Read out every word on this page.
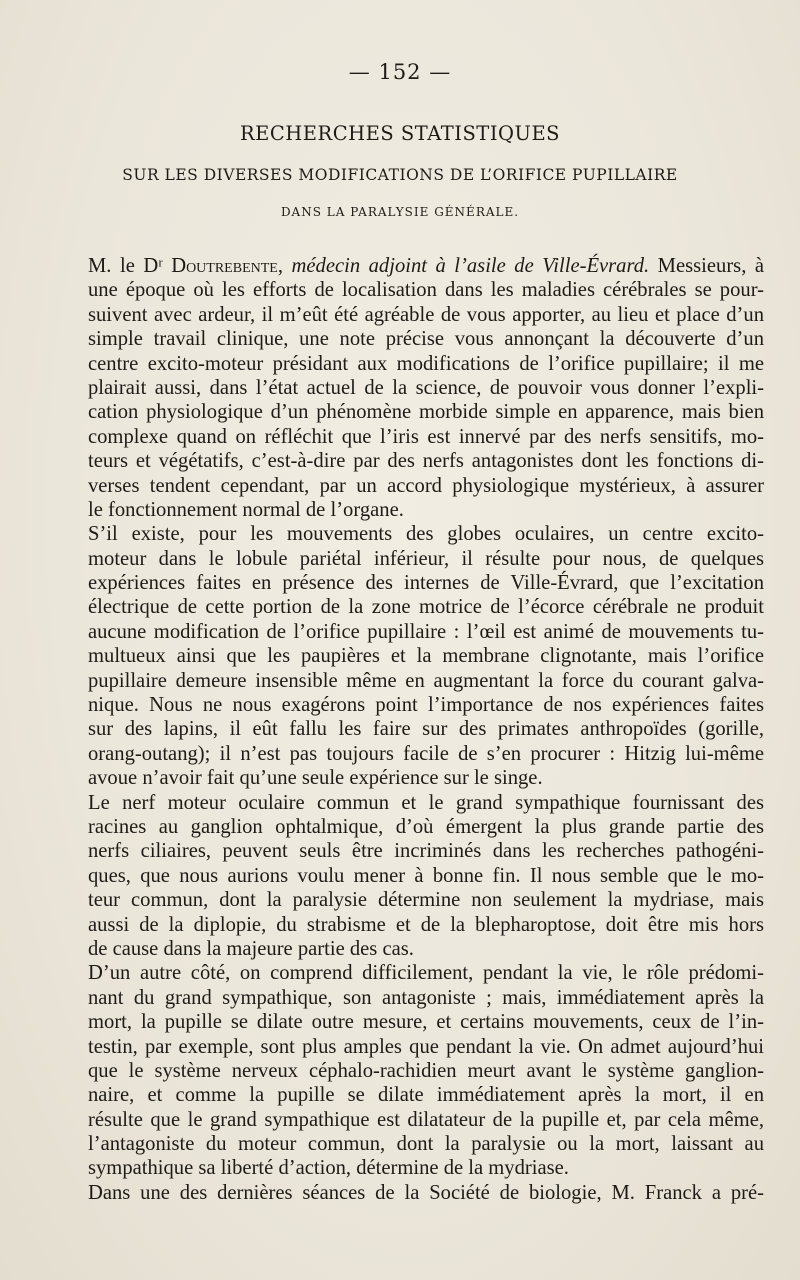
— 152 —
RECHERCHES STATISTIQUES
SUR LES DIVERSES MODIFICATIONS DE L’ORIFICE PUPILLAIRE
DANS LA PARALYSIE GÉNÉRALE.
M. le Dʳ Doutrebente, médecin adjoint à l’asile de Ville-Évrard. Messieurs, à
une époque où les efforts de localisation dans les maladies cérébrales se pour-
suivent avec ardeur, il m’eût été agréable de vous apporter, au lieu et place d’un
simple travail clinique, une note précise vous annonçant la découverte d’un
centre excito-moteur présidant aux modifications de l’orifice pupillaire; il me
plairait aussi, dans l’état actuel de la science, de pouvoir vous donner l’expli-
cation physiologique d’un phénomène morbide simple en apparence, mais bien
complexe quand on réfléchit que l’iris est innervé par des nerfs sensitifs, mo-
teurs et végétatifs, c’est-à-dire par des nerfs antagonistes dont les fonctions di-
verses tendent cependant, par un accord physiologique mystérieux, à assurer
le fonctionnement normal de l’organe.
S’il existe, pour les mouvements des globes oculaires, un centre excito-
moteur dans le lobule pariétal inférieur, il résulte pour nous, de quelques
expériences faites en présence des internes de Ville-Évrard, que l’excitation
électrique de cette portion de la zone motrice de l’écorce cérébrale ne produit
aucune modification de l’orifice pupillaire : l’œil est animé de mouvements tu-
multueux ainsi que les paupières et la membrane clignotante, mais l’orifice
pupillaire demeure insensible même en augmentant la force du courant galva-
nique. Nous ne nous exagérons point l’importance de nos expériences faites
sur des lapins, il eût fallu les faire sur des primates anthropoïdes (gorille,
orang-outang); il n’est pas toujours facile de s’en procurer : Hitzig lui-même
avoue n’avoir fait qu’une seule expérience sur le singe.
Le nerf moteur oculaire commun et le grand sympathique fournissant des
racines au ganglion ophtalmique, d’où émergent la plus grande partie des
nerfs ciliaires, peuvent seuls être incriminés dans les recherches pathogéni-
ques, que nous aurions voulu mener à bonne fin. Il nous semble que le mo-
teur commun, dont la paralysie détermine non seulement la mydriase, mais
aussi de la diplopie, du strabisme et de la blepharoptose, doit être mis hors
de cause dans la majeure partie des cas.
D’un autre côté, on comprend difficilement, pendant la vie, le rôle prédomi-
nant du grand sympathique, son antagoniste ; mais, immédiatement après la
mort, la pupille se dilate outre mesure, et certains mouvements, ceux de l’in-
testin, par exemple, sont plus amples que pendant la vie. On admet aujourd’hui
que le système nerveux céphalo-rachidien meurt avant le système ganglion-
naire, et comme la pupille se dilate immédiatement après la mort, il en
résulte que le grand sympathique est dilatateur de la pupille et, par cela même,
l’antagoniste du moteur commun, dont la paralysie ou la mort, laissant au
sympathique sa liberté d’action, détermine de la mydriase.
Dans une des dernières séances de la Société de biologie, M. Franck a pré-
